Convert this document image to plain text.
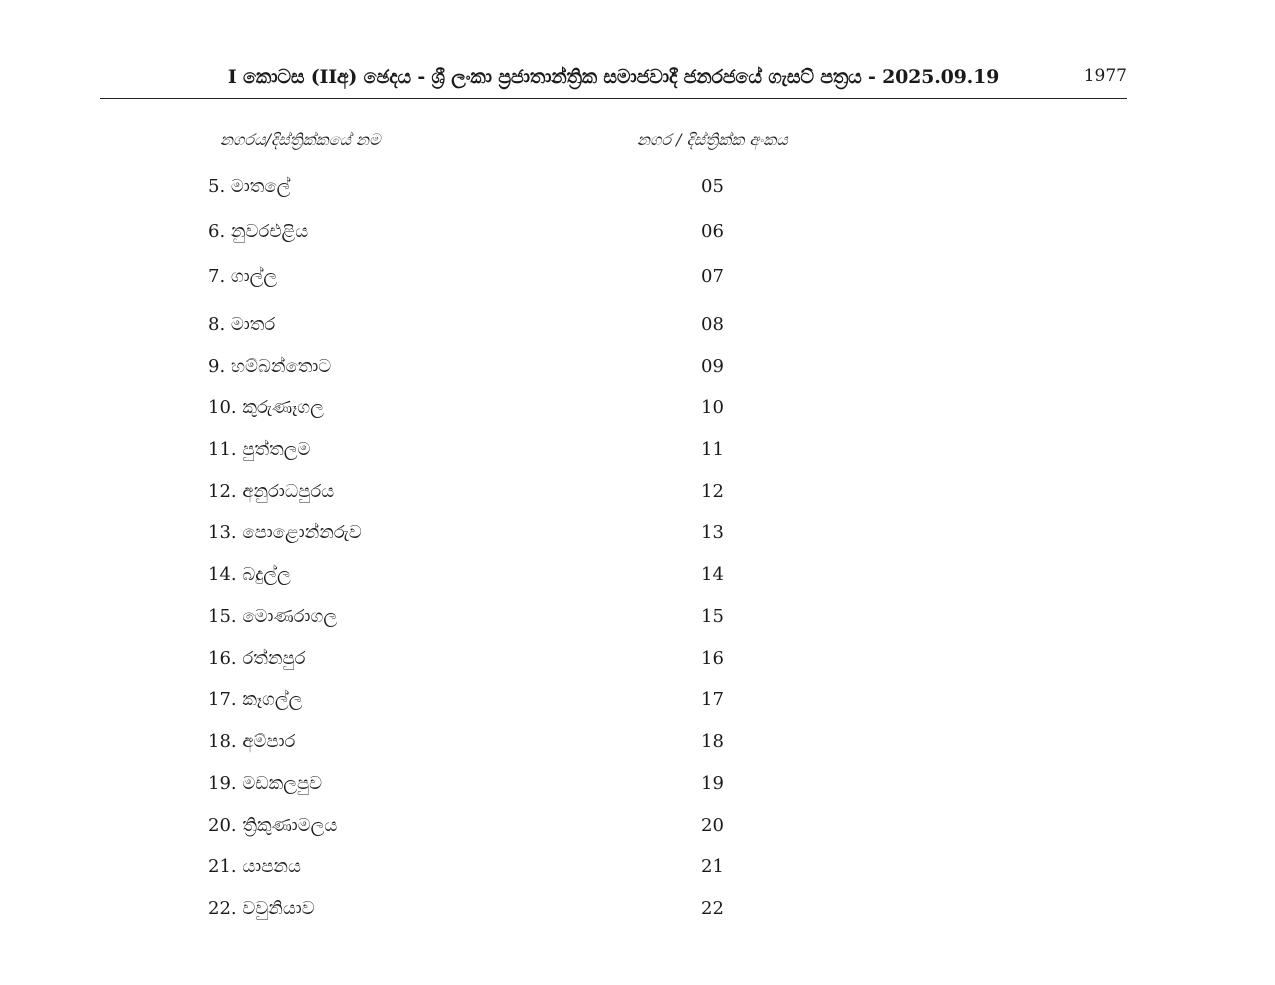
I කොටස (IIඅ) ඡෙදය - ශ්‍රී ලංකා ප්‍රජාතාන්ත්‍රික සමාජවාදී ජනරජයේ ගැසට් පත්‍රය - 2025.09.19	1977
නගරය/දිස්ත්‍රික්කයේ නම	නගර / දිස්ත්‍රික්ක අංකය
5. මාතලේ	05
6. නුවරඑළිය	06
7. ගාල්ල	07
8. මාතර	08
9. හම්බන්තොට	09
10. කුරුණෑගල	10
11. පුත්තලම	11
12. අනුරාධපුරය	12
13. පොළොන්නරුව	13
14. බදුල්ල	14
15. මොණරාගල	15
16. රත්නපුර	16
17. කෑගල්ල	17
18. අම්පාර	18
19. මඩකලපුව	19
20. ත්‍රිකුණාමලය	20
21. යාපනය	21
22. වවුනියාව	22
